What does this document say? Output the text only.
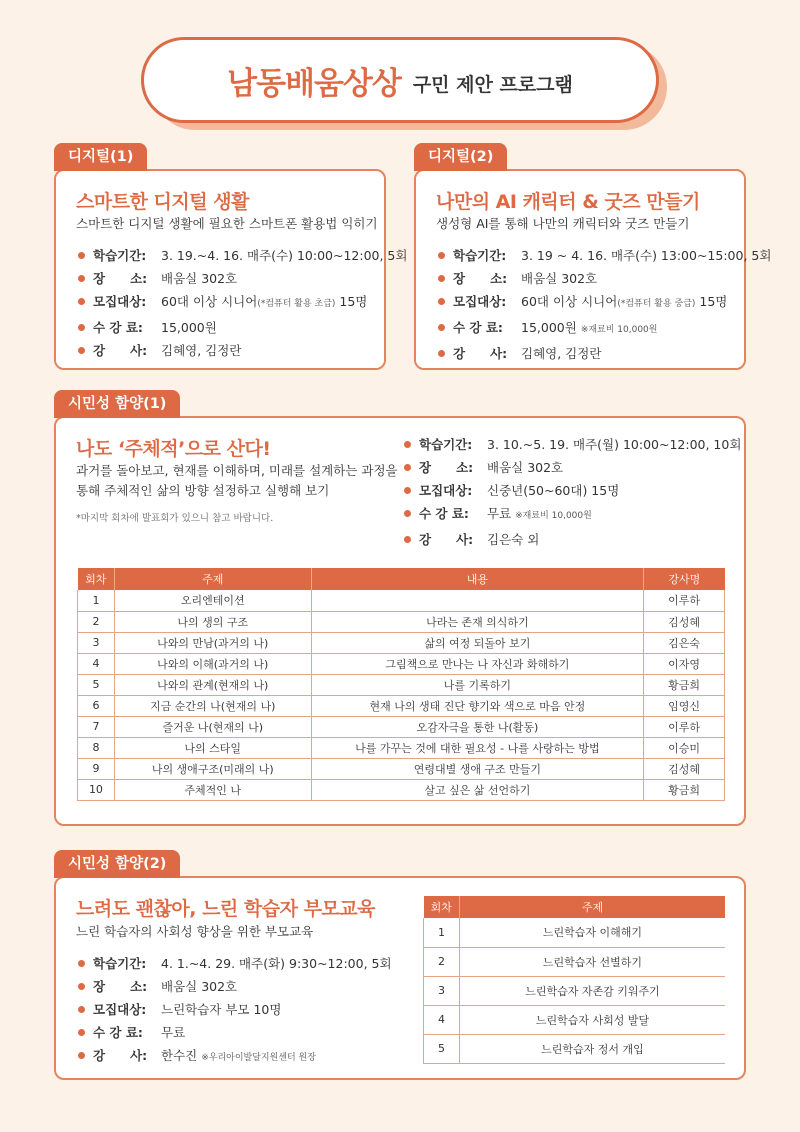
남동배움상상 구민 제안 프로그램
디지털(1)
스마트한 디지털 생활
스마트한 디지털 생활에 필요한 스마트폰 활용법 익히기
학습기간: 3. 19.~4. 16. 매주(수) 10:00~12:00, 5회
장　　소: 배움실 302호
모집대상: 60대 이상 시니어(*컴퓨터 활용 초급) 15명
수 강 료: 15,000원
강　　사: 김혜영, 김정란
디지털(2)
나만의 AI 캐릭터 & 굿즈 만들기
생성형 AI를 통해 나만의 캐릭터와 굿즈 만들기
학습기간: 3. 19 ~ 4. 16. 매주(수) 13:00~15:00, 5회
장　　소: 배움실 302호
모집대상: 60대 이상 시니어(*컴퓨터 활용 중급) 15명
수 강 료: 15,000원 ※재료비 10,000원
강　　사: 김혜영, 김정란
시민성 함양(1)
나도 ‘주체적’으로 산다!
과거를 돌아보고, 현재를 이해하며, 미래를 설계하는 과정을
통해 주체적인 삶의 방향 설정하고 실행해 보기
*마지막 회차에 발표회가 있으니 참고 바랍니다.
학습기간: 3. 10.~5. 19. 매주(월) 10:00~12:00, 10회
장　　소: 배움실 302호
모집대상: 신중년(50~60대) 15명
수 강 료: 무료 ※재료비 10,000원
강　　사: 김은숙 외
회차	주제	내용	강사명
1	오리엔테이션		이루하
2	나의 생의 구조	나라는 존재 의식하기	김성혜
3	나와의 만남(과거의 나)	삶의 여정 되돌아 보기	김은숙
4	나와의 이해(과거의 나)	그림책으로 만나는 나 자신과 화해하기	이자영
5	나와의 관계(현재의 나)	나를 기록하기	황금희
6	지금 순간의 나(현재의 나)	현재 나의 생태 진단 향기와 색으로 마음 안정	임영신
7	즐거운 나(현재의 나)	오감자극을 통한 나(활동)	이루하
8	나의 스타일	나를 가꾸는 것에 대한 필요성 - 나를 사랑하는 방법	이승미
9	나의 생애구조(미래의 나)	연령대별 생애 구조 만들기	김성혜
10	주체적인 나	살고 싶은 삶 선언하기	황금희
시민성 함양(2)
느려도 괜찮아, 느린 학습자 부모교육
느린 학습자의 사회성 향상을 위한 부모교육
학습기간: 4. 1.~4. 29. 매주(화) 9:30~12:00, 5회
장　　소: 배움실 302호
모집대상: 느린학습자 부모 10명
수 강 료: 무료
강　　사: 한수진 ※우리아이발달지원센터 원장
회차	주제
1	느린학습자 이해해기
2	느린학습자 선별하기
3	느린학습자 자존감 키워주기
4	느린학습자 사회성 발달
5	느린학습자 정서 개입
